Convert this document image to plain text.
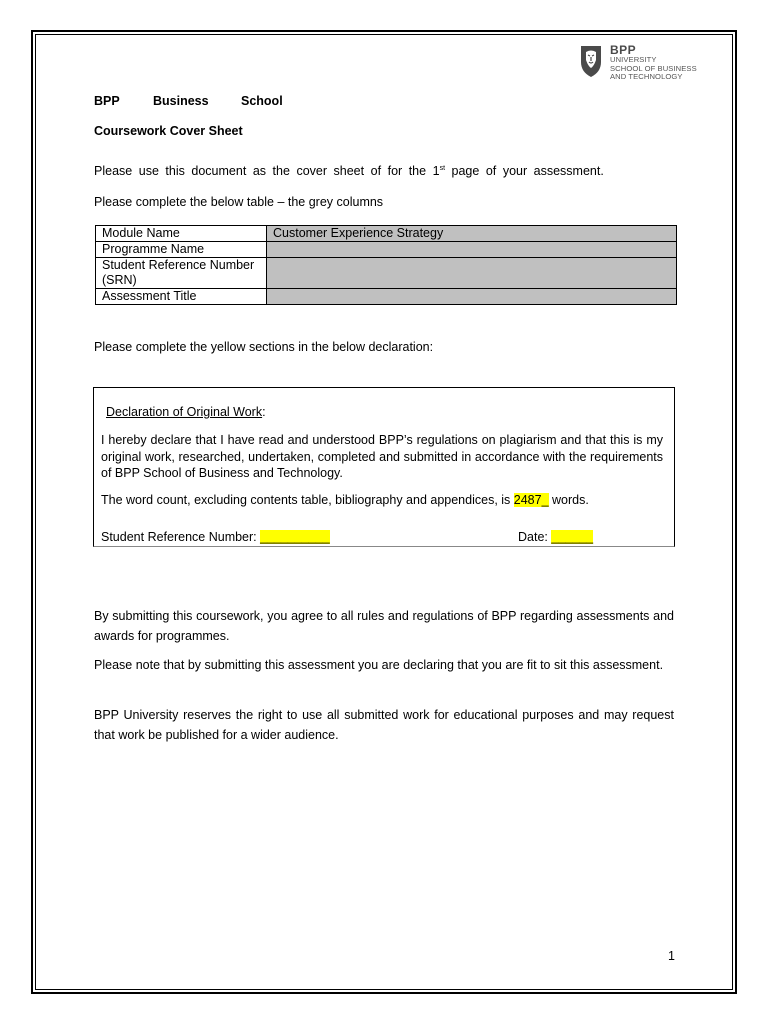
BPP
UNIVERSITY
SCHOOL OF BUSINESS
AND TECHNOLOGY
BPP	Business	School
Coursework Cover Sheet
Please use this document as the cover sheet of for the 1st page of your assessment.
Please complete the below table – the grey columns
Module Name	Customer Experience Strategy
Programme Name	
Student Reference Number (SRN)	
Assessment Title	
Please complete the yellow sections in the below declaration:
Declaration of Original Work:
I hereby declare that I have read and understood BPP’s regulations on plagiarism and that this is my original work, researched, undertaken, completed and submitted in accordance with the requirements of BPP School of Business and Technology.
The word count, excluding contents table, bibliography and appendices, is 2487_ words.
Student Reference Number: __________	Date: ______
By submitting this coursework, you agree to all rules and regulations of BPP regarding assessments and awards for programmes.
Please note that by submitting this assessment you are declaring that you are fit to sit this assessment.
BPP University reserves the right to use all submitted work for educational purposes and may request that work be published for a wider audience.
1
